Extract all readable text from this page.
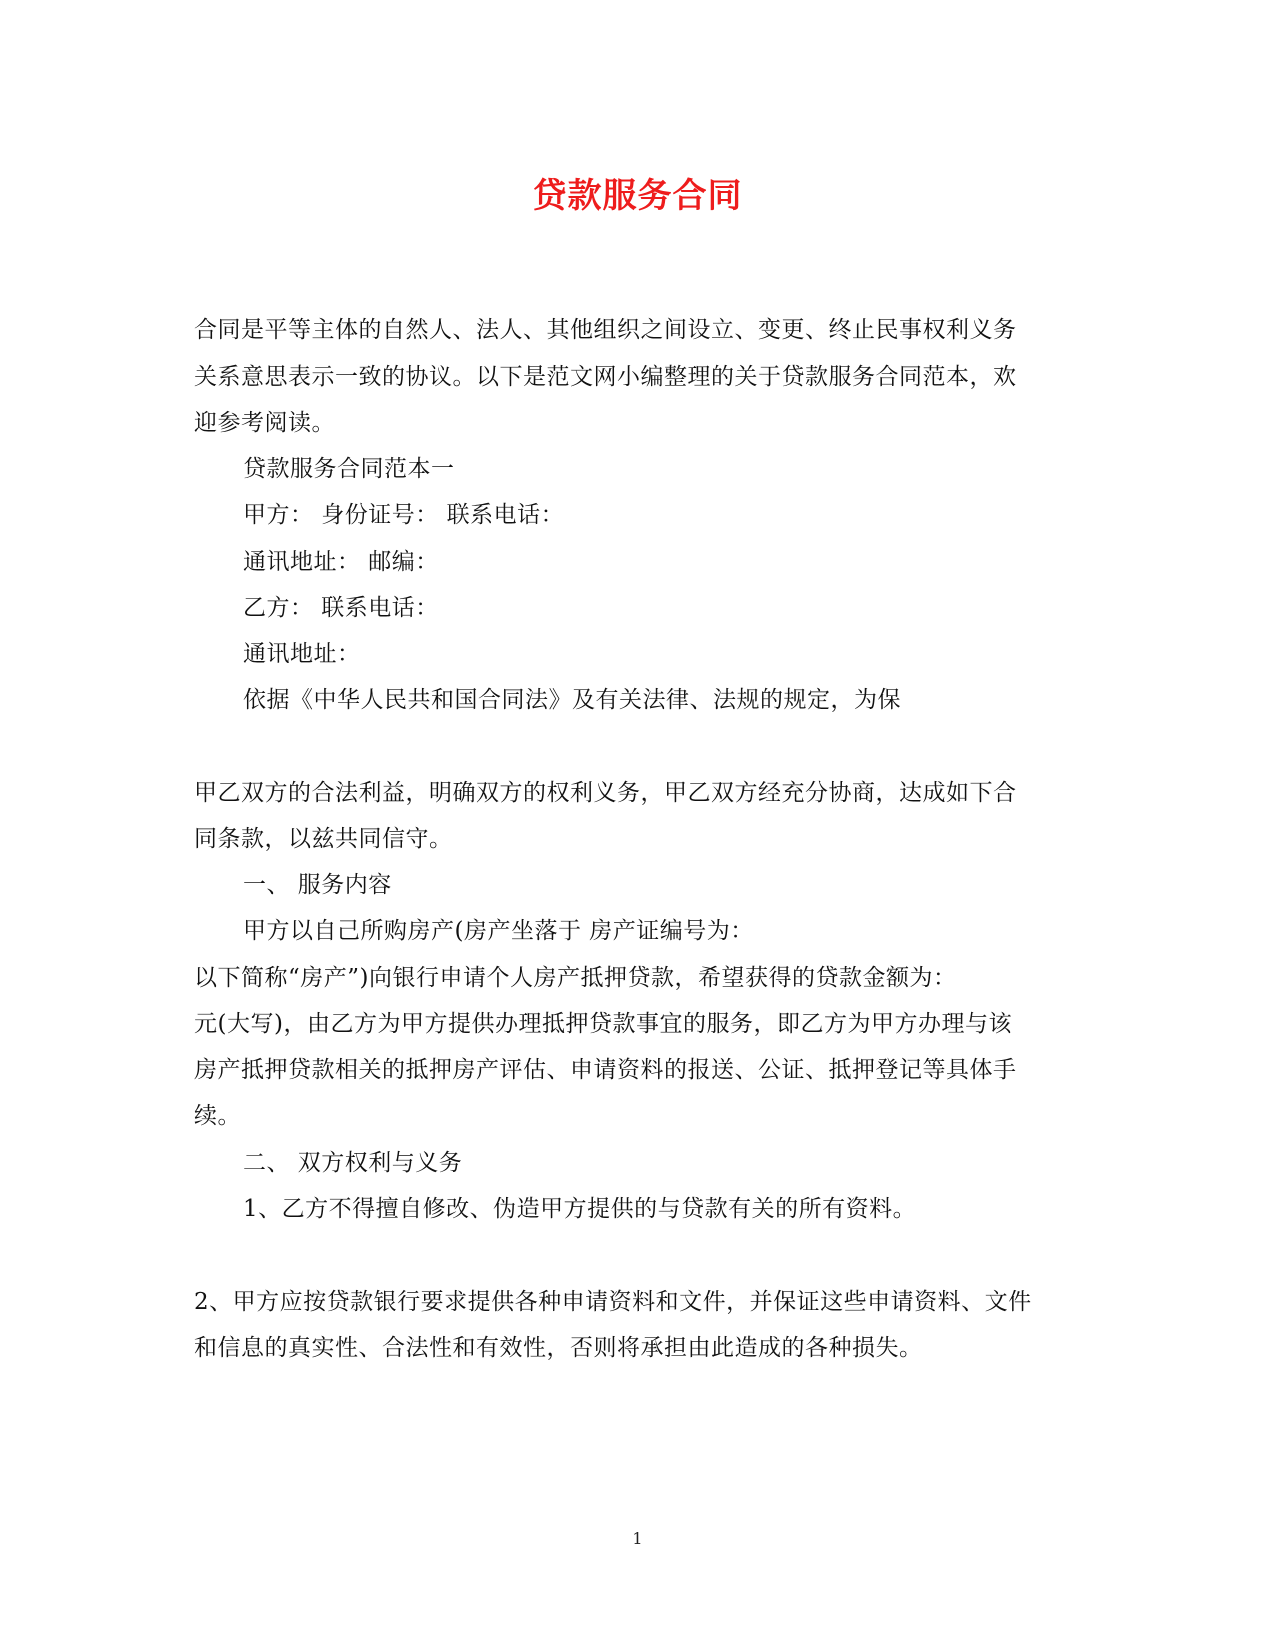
贷款服务合同
合同是平等主体的自然人、法人、其他组织之间设立、变更、终止民事权利义务
关系意思表示一致的协议。以下是范文网小编整理的关于贷款服务合同范本，欢
迎参考阅读。
贷款服务合同范本一
甲方： 身份证号： 联系电话：
通讯地址： 邮编：
乙方： 联系电话：
通讯地址：
依据《中华人民共和国合同法》及有关法律、法规的规定，为保
甲乙双方的合法利益，明确双方的权利义务，甲乙双方经充分协商，达成如下合
同条款，以兹共同信守。
一、 服务内容
甲方以自己所购房产(房产坐落于 房产证编号为：
以下简称“房产”)向银行申请个人房产抵押贷款，希望获得的贷款金额为：
元(大写)，由乙方为甲方提供办理抵押贷款事宜的服务，即乙方为甲方办理与该
房产抵押贷款相关的抵押房产评估、申请资料的报送、公证、抵押登记等具体手
续。
二、 双方权利与义务
1、乙方不得擅自修改、伪造甲方提供的与贷款有关的所有资料。
2、甲方应按贷款银行要求提供各种申请资料和文件，并保证这些申请资料、文件
和信息的真实性、合法性和有效性，否则将承担由此造成的各种损失。
1
